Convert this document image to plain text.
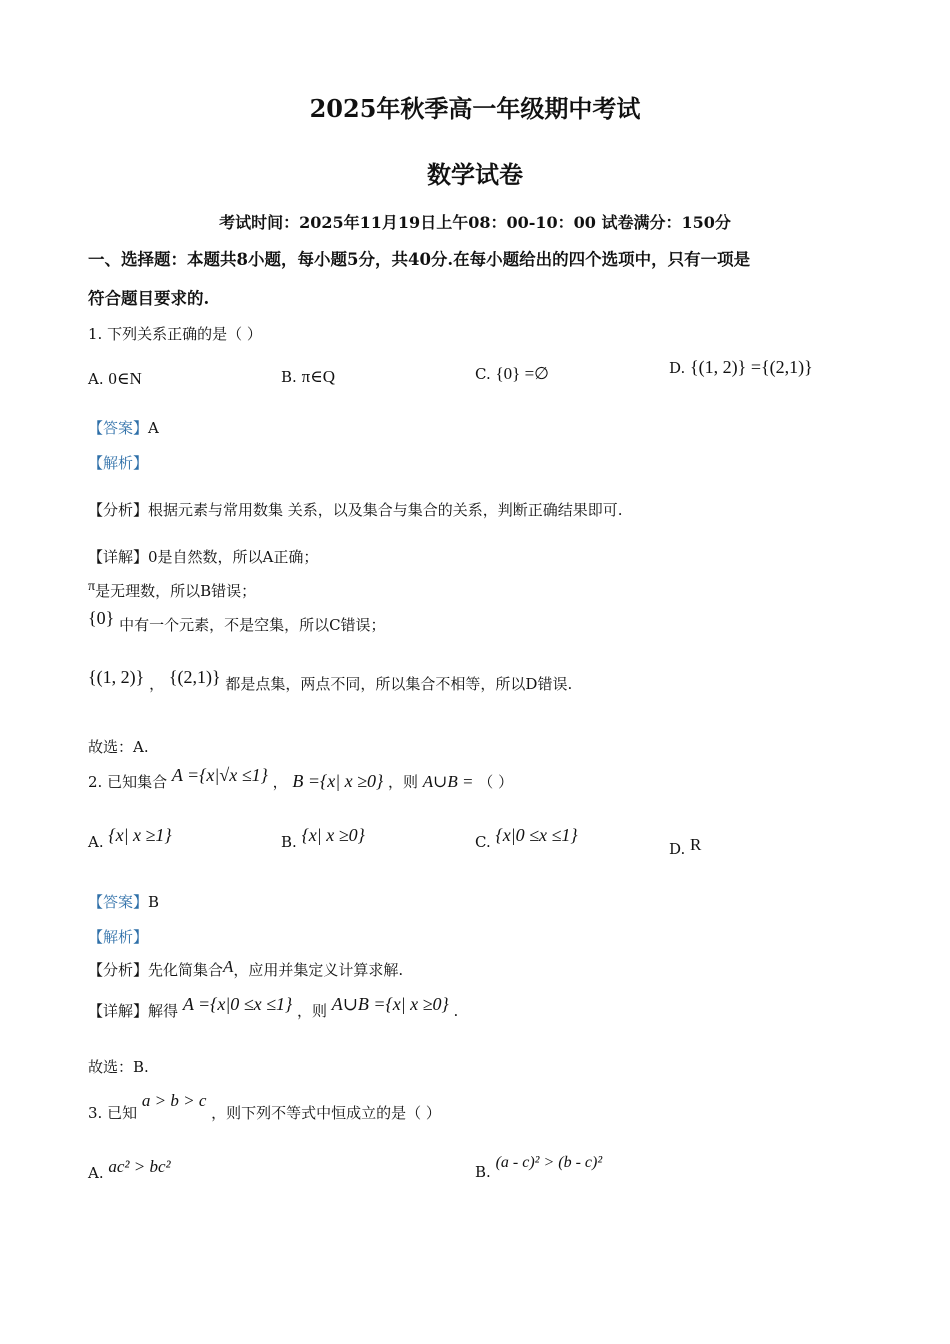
2025年秋季高一年级期中考试
数学试卷
考试时间：2025年11月19日上午08：00-10：00 试卷满分：150分
一、选择题：本题共8小题，每小题5分，共40分.在每小题给出的四个选项中，只有一项是
符合题目要求的.
1. 下列关系正确的是（ ）
A. 0∈N	B. π∈Q	C. {0} =∅	D. {(1, 2)} ={(2,1)}
【答案】A
【解析】
【分析】根据元素与常用数集 关系，以及集合与集合的关系，判断正确结果即可.
【详解】0是自然数，所以A正确；
π是无理数，所以B错误；
{0} 中有一个元素，不是空集，所以C错误；
{(1, 2)} ， {(2,1)} 都是点集，两点不同，所以集合不相等，所以D错误.
故选：A.
2. 已知集合 A ={x|√x ≤1} ， B ={x| x ≥0} ，则 A∪B = （ ）
A. {x| x ≥1}	B. {x| x ≥0}	C. {x|0 ≤x ≤1}
D. R
【答案】B
【解析】
【分析】先化简集合A，应用并集定义计算求解.
【详解】解得 A ={x|0 ≤x ≤1} ，则 A∪B ={x| x ≥0} .
故选：B.
3. 已知 a > b > c ，则下列不等式中恒成立的是（ ）
A. ac² > bc²	B. (a - c)² > (b - c)²
